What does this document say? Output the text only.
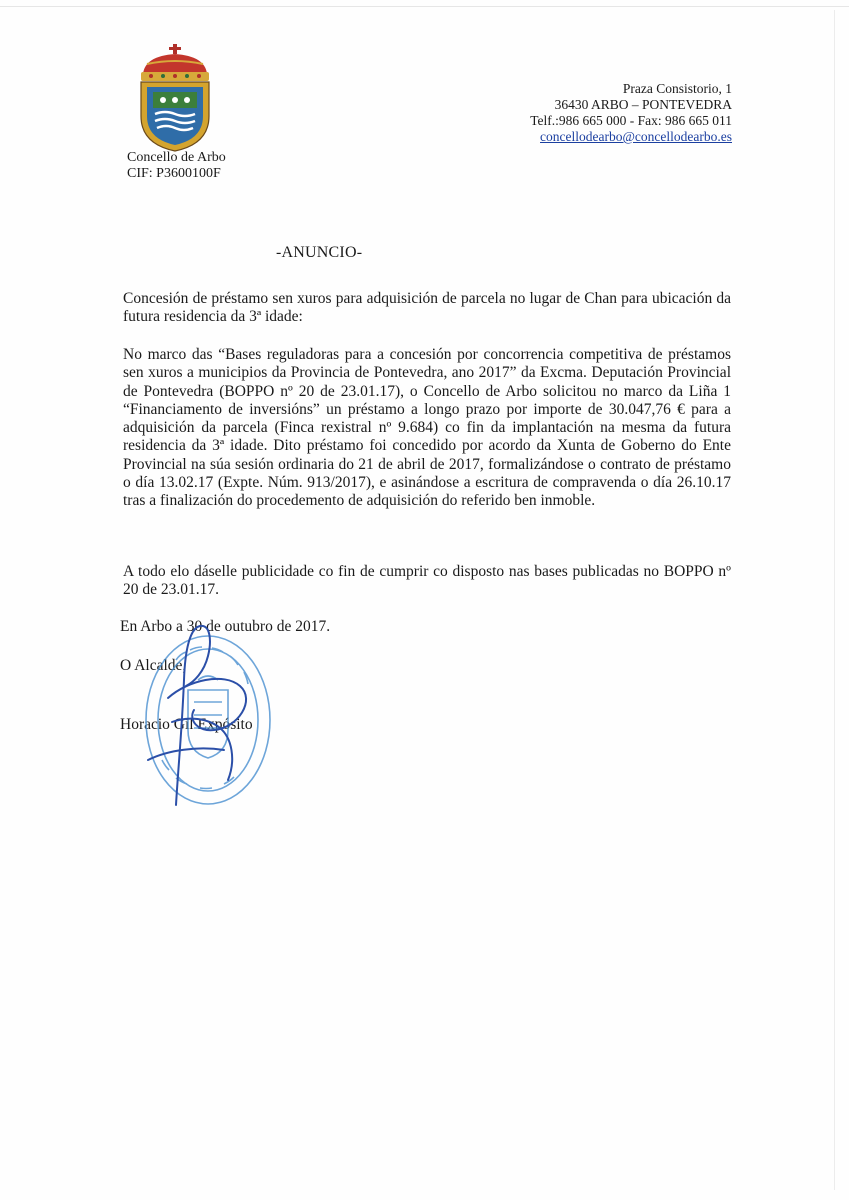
Concello de Arbo
CIF: P3600100F
Praza Consistorio, 1
36430 ARBO – PONTEVEDRA
Telf.:986 665 000 - Fax: 986 665 011
concellodearbo@concellodearbo.es
-ANUNCIO-
Concesión de préstamo sen xuros para adquisición de parcela no lugar de Chan para ubicación da futura residencia da 3ª idade:
No marco das “Bases reguladoras para a concesión por concorrencia competitiva de préstamos sen xuros a municipios da Provincia de Pontevedra, ano 2017” da Excma. Deputación Provincial de Pontevedra (BOPPO nº 20 de 23.01.17), o Concello de Arbo solicitou no marco da Liña 1 “Financiamento de inversións” un préstamo a longo prazo por importe de 30.047,76 € para a adquisición da parcela (Finca rexistral nº 9.684) co fin da implantación na mesma da futura residencia da 3ª idade. Dito préstamo foi concedido por acordo da Xunta de Goberno do Ente Provincial na súa sesión ordinaria do 21 de abril de 2017, formalizándose o contrato de préstamo o día 13.02.17 (Expte. Núm. 913/2017), e asinándose a escritura de compravenda o día 26.10.17 tras a finalización do procedemento de adquisición do referido ben inmoble.
A todo elo dáselle publicidade co fin de cumprir co disposto nas bases publicadas no BOPPO nº 20 de 23.01.17.
En Arbo a 30 de outubro de 2017.
O Alcalde,
Horacio Gil Expósito
